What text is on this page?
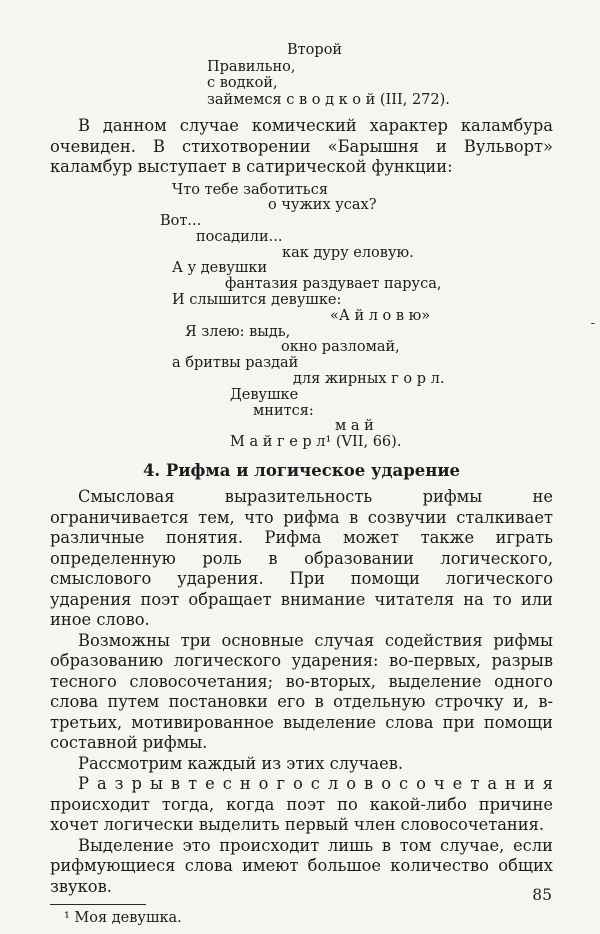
Второй
Правильно,
с водкой,
займемся с в о д к о й (III, 272).

В данном случае комический характер каламбура очевиден. В стихотворении «Барышня и Вульворт» каламбур выступает в сатирической функции:

Что тебе заботиться
о чужих усах?
Вот...
посадили...
как дуру еловую.
А у девушки
фантазия раздувает паруса,
И слышится девушке:
«А й л о в ю»
Я злею: выдь,
окно разломай,
а бритвы раздай
для жирных г о р л.
Девушке
мнится:
м а й
М а й г е р л¹ (VII, 66).
4. Рифма и логическое ударение

Смысловая выразительность рифмы не ограничивается тем, что рифма в созвучии сталкивает различные понятия. Рифма может также играть определенную роль в образовании логического, смыслового ударения. При помощи логического ударения поэт обращает внимание читателя на то или иное слово.

Возможны три основные случая содействия рифмы образованию логического ударения: во-первых, разрыв тесного словосочетания; во-вторых, выделение одного слова путем постановки его в отдельную строчку и, в-третьих, мотивированное выделение слова при помощи составной рифмы.

Рассмотрим каждый из этих случаев.

Р а з р ы в т е с н о г о с л о в о с о ч е т а н и я происходит тогда, когда поэт по какой-либо причине хочет логически выделить первый член словосочетания.

Выделение это происходит лишь в том случае, если рифмующиеся слова имеют большое количество общих звуков.

¹ Моя девушка.

85
-
